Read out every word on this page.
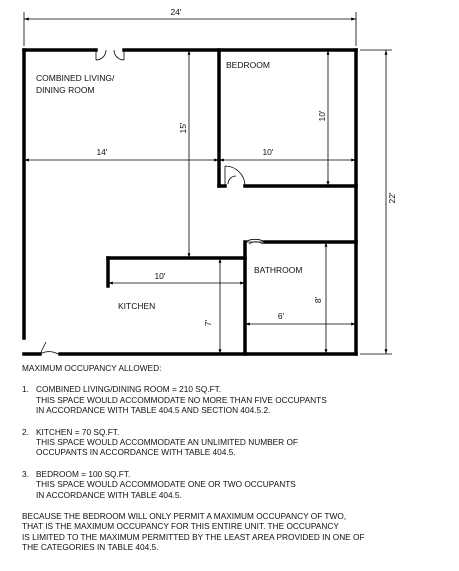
24'
22'
15'
14'	10'
10'
10'
7'
6'
8'
COMBINED LIVING/
DINING ROOM
BEDROOM
BATHROOM
KITCHEN
MAXIMUM OCCUPANCY ALLOWED:
1. COMBINED LIVING/DINING ROOM = 210 SQ.FT.
THIS SPACE WOULD ACCOMMODATE NO MORE THAN FIVE OCCUPANTS
IN ACCORDANCE WITH TABLE 404.5 AND SECTION 404.5.2.
2. KITCHEN = 70 SQ.FT.
THIS SPACE WOULD ACCOMMODATE AN UNLIMITED NUMBER OF
OCCUPANTS IN ACCORDANCE WITH TABLE 404.5.
3. BEDROOM = 100 SQ.FT.
THIS SPACE WOULD ACCOMMODATE ONE OR TWO OCCUPANTS
IN ACCORDANCE WITH TABLE 404.5.
BECAUSE THE BEDROOM WILL ONLY PERMIT A MAXIMUM OCCUPANCY OF TWO,
THAT IS THE MAXIMUM OCCUPANCY FOR THIS ENTIRE UNIT. THE OCCUPANCY
IS LIMITED TO THE MAXIMUM PERMITTED BY THE LEAST AREA PROVIDED IN ONE OF
THE CATEGORIES IN TABLE 404.5.
